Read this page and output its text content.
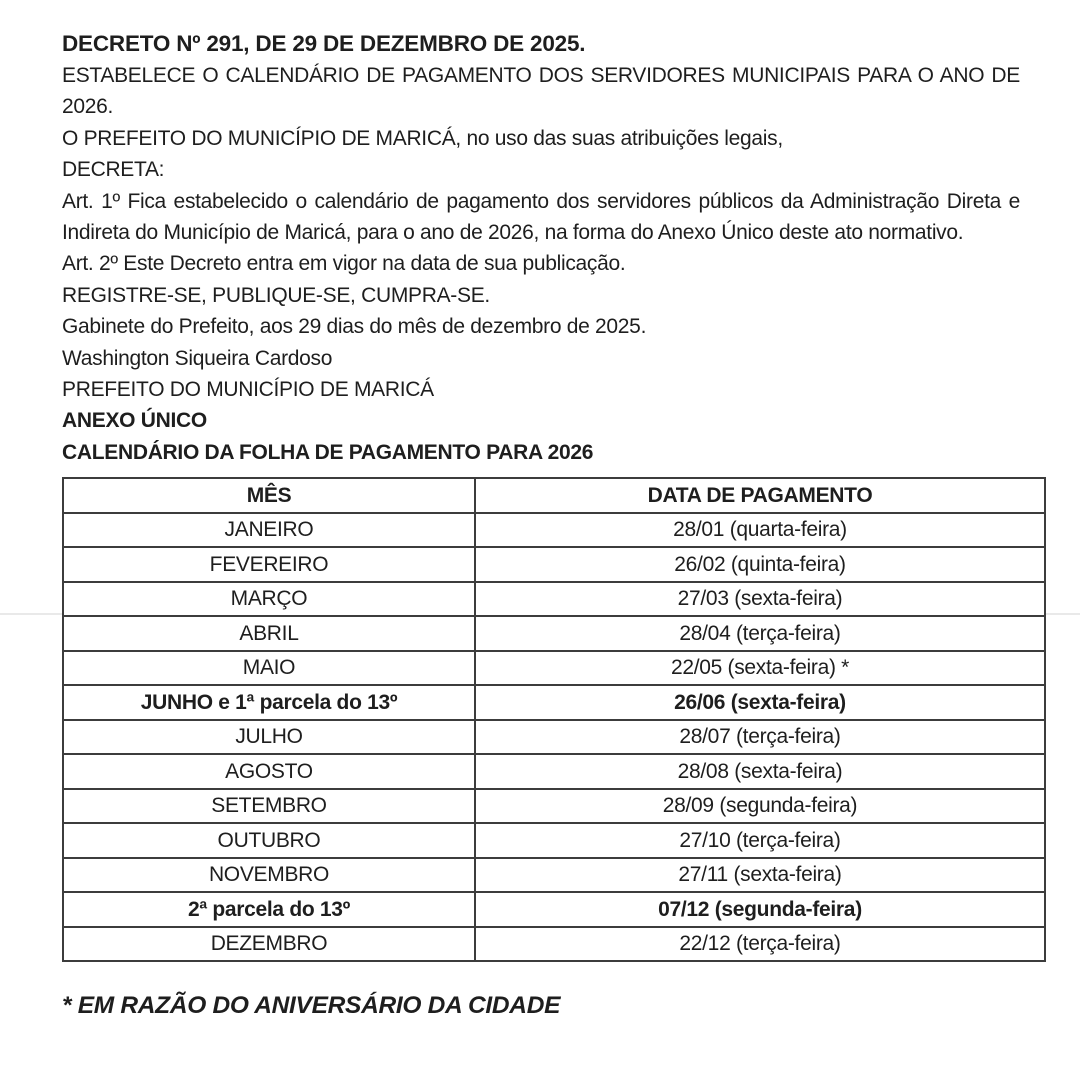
DECRETO Nº 291, DE 29 DE DEZEMBRO DE 2025.

ESTABELECE O CALENDÁRIO DE PAGAMENTO DOS SERVIDORES MUNICIPAIS PARA O ANO DE 2026.

O PREFEITO DO MUNICÍPIO DE MARICÁ, no uso das suas atribuições legais,

DECRETA:

Art. 1º Fica estabelecido o calendário de pagamento dos servidores públicos da Administração Direta e Indireta do Município de Maricá, para o ano de 2026, na forma do Anexo Único deste ato normativo.

Art. 2º Este Decreto entra em vigor na data de sua publicação.

REGISTRE-SE, PUBLIQUE-SE, CUMPRA-SE.

Gabinete do Prefeito, aos 29 dias do mês de dezembro de 2025.

Washington Siqueira Cardoso

PREFEITO DO MUNICÍPIO DE MARICÁ

ANEXO ÚNICO
CALENDÁRIO DA FOLHA DE PAGAMENTO PARA 2026
MÊS	DATA DE PAGAMENTO
JANEIRO	28/01 (quarta-feira)
FEVEREIRO	26/02 (quinta-feira)
MARÇO	27/03 (sexta-feira)
ABRIL	28/04 (terça-feira)
MAIO	22/05 (sexta-feira) *
JUNHO e 1ª parcela do 13º	26/06 (sexta-feira)
JULHO	28/07 (terça-feira)
AGOSTO	28/08 (sexta-feira)
SETEMBRO	28/09 (segunda-feira)
OUTUBRO	27/10 (terça-feira)
NOVEMBRO	27/11 (sexta-feira)
2ª parcela do 13º	07/12 (segunda-feira)
DEZEMBRO	22/12 (terça-feira)

* EM RAZÃO DO ANIVERSÁRIO DA CIDADE
